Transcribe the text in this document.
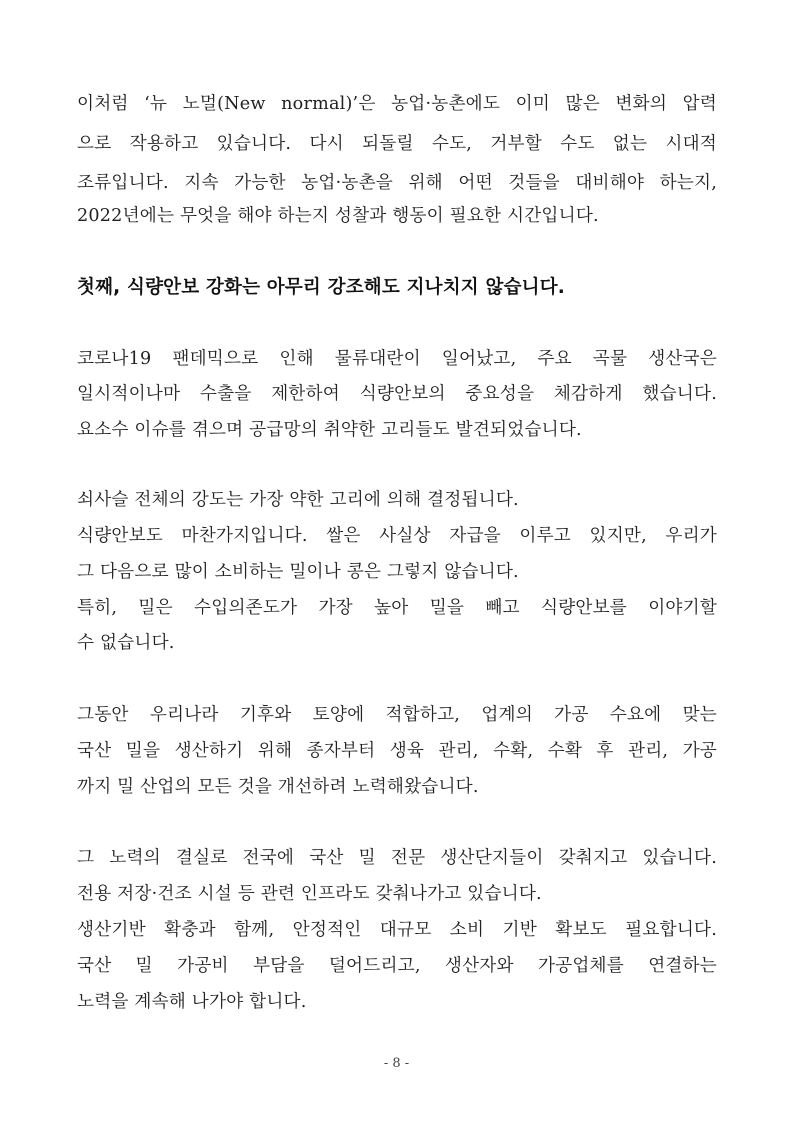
이처럼 ‘뉴 노멀(New normal)’은 농업·농촌에도 이미 많은 변화의 압력
으로 작용하고 있습니다. 다시 되돌릴 수도, 거부할 수도 없는 시대적
조류입니다. 지속 가능한 농업·농촌을 위해 어떤 것들을 대비해야 하는지,
2022년에는 무엇을 해야 하는지 성찰과 행동이 필요한 시간입니다.
첫째, 식량안보 강화는 아무리 강조해도 지나치지 않습니다.
코로나19 팬데믹으로 인해 물류대란이 일어났고, 주요 곡물 생산국은
일시적이나마 수출을 제한하여 식량안보의 중요성을 체감하게 했습니다.
요소수 이슈를 겪으며 공급망의 취약한 고리들도 발견되었습니다.
쇠사슬 전체의 강도는 가장 약한 고리에 의해 결정됩니다.
식량안보도 마찬가지입니다. 쌀은 사실상 자급을 이루고 있지만, 우리가
그 다음으로 많이 소비하는 밀이나 콩은 그렇지 않습니다.
특히, 밀은 수입의존도가 가장 높아 밀을 빼고 식량안보를 이야기할
수 없습니다.
그동안 우리나라 기후와 토양에 적합하고, 업계의 가공 수요에 맞는
국산 밀을 생산하기 위해 종자부터 생육 관리, 수확, 수확 후 관리, 가공
까지 밀 산업의 모든 것을 개선하려 노력해왔습니다.
그 노력의 결실로 전국에 국산 밀 전문 생산단지들이 갖춰지고 있습니다.
전용 저장·건조 시설 등 관련 인프라도 갖춰나가고 있습니다.
생산기반 확충과 함께, 안정적인 대규모 소비 기반 확보도 필요합니다.
국산 밀 가공비 부담을 덜어드리고, 생산자와 가공업체를 연결하는
노력을 계속해 나가야 합니다.
- 8 -
